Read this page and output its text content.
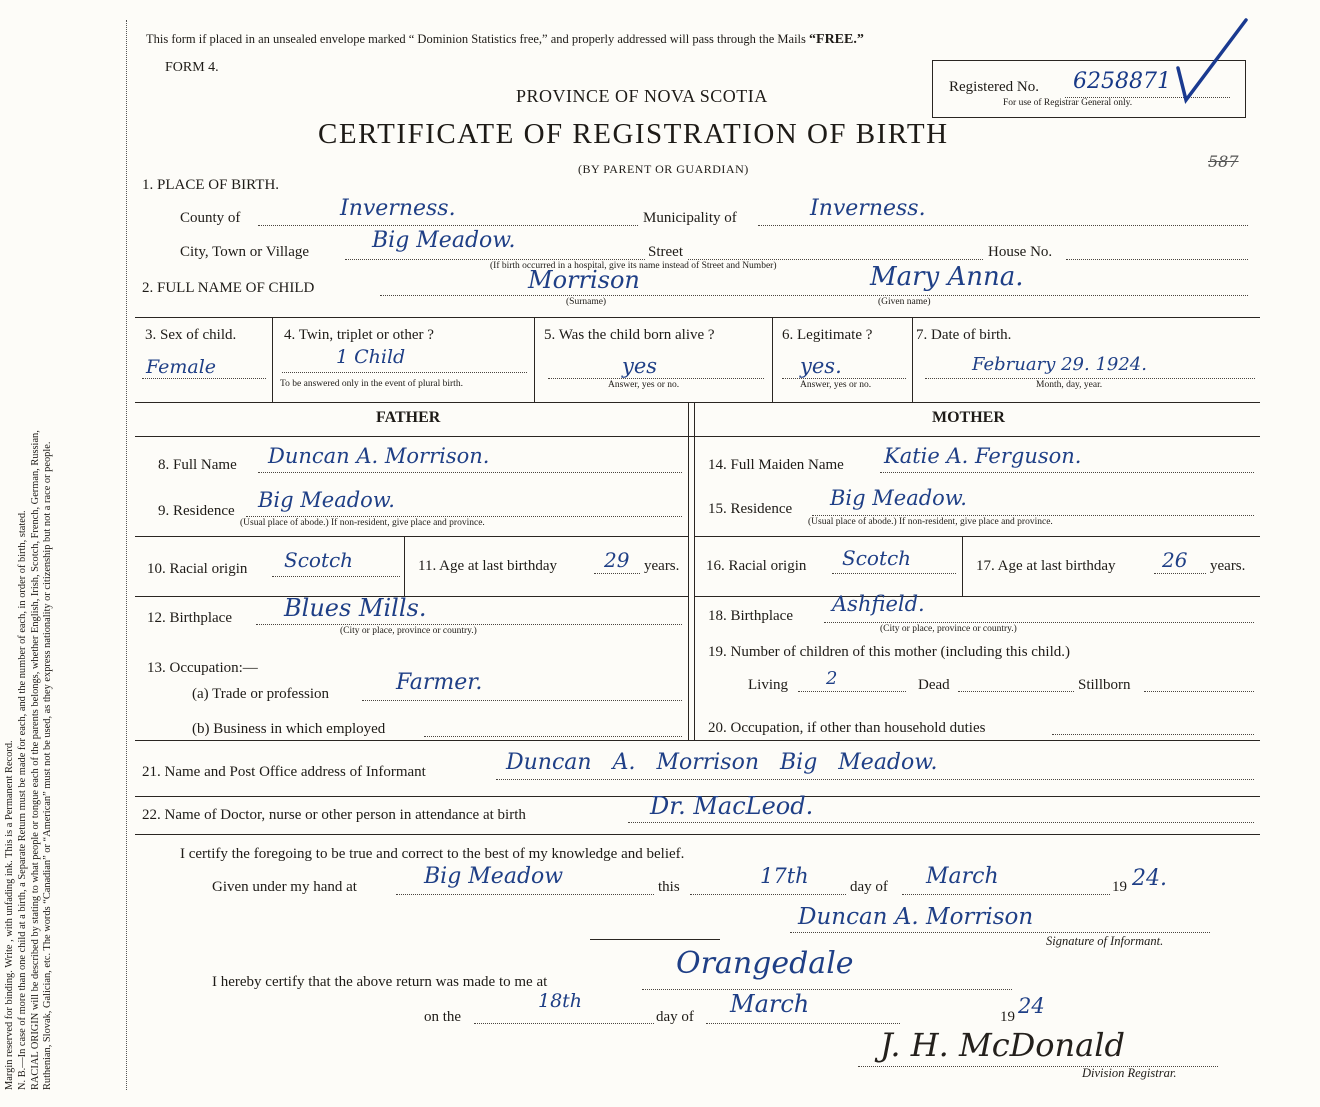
Margin reserved for binding. Write , with unfading ink. This is a Permanent Record. N. B.—In case of more than one child at a birth, a Separate Return must be made for each, and the number of each, in order of birth, stated. RACIAL ORIGIN will be described by stating to what people or tongue each of the parents belongs, whether English, Irish, Scotch, French, German, Russian, Ruthenian, Slovak, Galician, etc. The words “Canadian” or “American” must not be used, as they express nationality or citizenship but not a race or people.
This form if placed in an unsealed envelope marked “ Dominion Statistics free,” and properly addressed will pass through the Mails “FREE.”
FORM 4.
PROVINCE OF NOVA SCOTIA
CERTIFICATE OF REGISTRATION OF BIRTH
(BY PARENT OR GUARDIAN)
Registered No. 6258871
For use of Registrar General only.
587
1. PLACE OF BIRTH.
County of	Inverness.	Municipality of	Inverness.
City, Town or Village	Big Meadow.	Street	House No.
(If birth occurred in a hospital, give its name instead of Street and Number)
2. FULL NAME OF CHILD	Morrison
(Surname)
Mary Anna.
(Given name)
3. Sex of child.
Female
4. Twin, triplet or other ?
1 Child
To be answered only in the event of plural birth.
5. Was the child born alive ?
yes
Answer, yes or no.
6. Legitimate ?
yes.
Answer, yes or no.
7. Date of birth.
February 29. 1924.
Month, day, year.
FATHER	MOTHER
8. Full Name Duncan A. Morrison.
9. Residence Big Meadow.
(Usual place of abode.) If non-resident, give place and province.
10. Racial origin Scotch	11. Age at last birthday 29 years.
12. Birthplace Blues Mills.
(City or place, province or country.)
13. Occupation:—
(a) Trade or profession	Farmer.
(b) Business in which employed
14. Full Maiden Name Katie A. Ferguson.
15. Residence Big Meadow.
(Usual place of abode.) If non-resident, give place and province.
16. Racial origin Scotch	17. Age at last birthday 26 years.
18. Birthplace Ashfield.
(City or place, province or country.)
19. Number of children of this mother (including this child.)
Living 2	Dead	Stillborn
20. Occupation, if other than household duties
21. Name and Post Office address of Informant	Duncan A. Morrison Big Meadow.
22. Name of Doctor, nurse or other person in attendance at birth	Dr. MacLeod.
I certify the foregoing to be true and correct to the best of my knowledge and belief.
Given under my hand at	Big Meadow	this	17th	day of March	19 24.
Duncan A. Morrison
Signature of Informant.
I hereby certify that the above return was made to me at
Orangedale
on the
18th
day of March	19 24
J. H. McDonald
Division Registrar.
